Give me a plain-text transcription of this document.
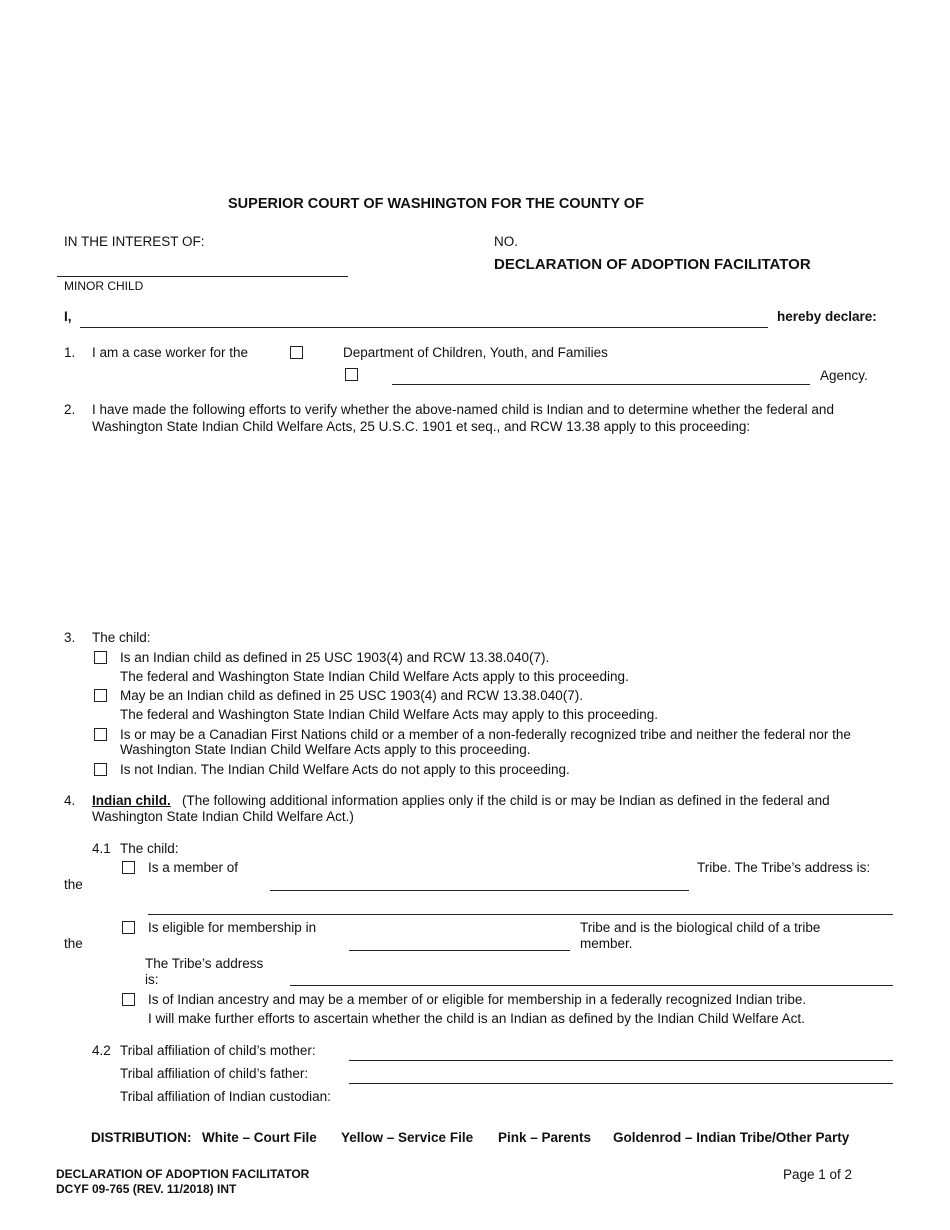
SUPERIOR COURT OF WASHINGTON FOR THE COUNTY OF
IN THE INTEREST OF:
MINOR CHILD
NO.
DECLARATION OF ADOPTION FACILITATOR
I,	hereby declare:
1. I am a case worker for the	Department of Children, Youth, and Families
Agency.
2. I have made the following efforts to verify whether the above-named child is Indian and to determine whether the federal and
Washington State Indian Child Welfare Acts, 25 U.S.C. 1901 et seq., and RCW 13.38 apply to this proceeding:
3. The child:
Is an Indian child as defined in 25 USC 1903(4) and RCW 13.38.040(7).
The federal and Washington State Indian Child Welfare Acts apply to this proceeding.
May be an Indian child as defined in 25 USC 1903(4) and RCW 13.38.040(7).
The federal and Washington State Indian Child Welfare Acts may apply to this proceeding.
Is or may be a Canadian First Nations child or a member of a non-federally recognized tribe and neither the federal nor the
Washington State Indian Child Welfare Acts apply to this proceeding.
Is not Indian. The Indian Child Welfare Acts do not apply to this proceeding.
4. Indian child. (The following additional information applies only if the child is or may be Indian as defined in the federal and
Washington State Indian Child Welfare Act.)
4.1 The child:
Is a member of	Tribe. The Tribe’s address is:
the
Is eligible for membership in
the
Tribe and is the biological child of a tribe
member.
The Tribe’s address
is:
Is of Indian ancestry and may be a member of or eligible for membership in a federally recognized Indian tribe.
I will make further efforts to ascertain whether the child is an Indian as defined by the Indian Child Welfare Act.
4.2 Tribal affiliation of child’s mother:
Tribal affiliation of child’s father:
Tribal affiliation of Indian custodian:
DISTRIBUTION: White – Court File Yellow – Service File Pink – Parents Goldenrod – Indian Tribe/Other Party
DECLARATION OF ADOPTION FACILITATOR
DCYF 09-765 (REV. 11/2018) INT
Page 1 of 2
